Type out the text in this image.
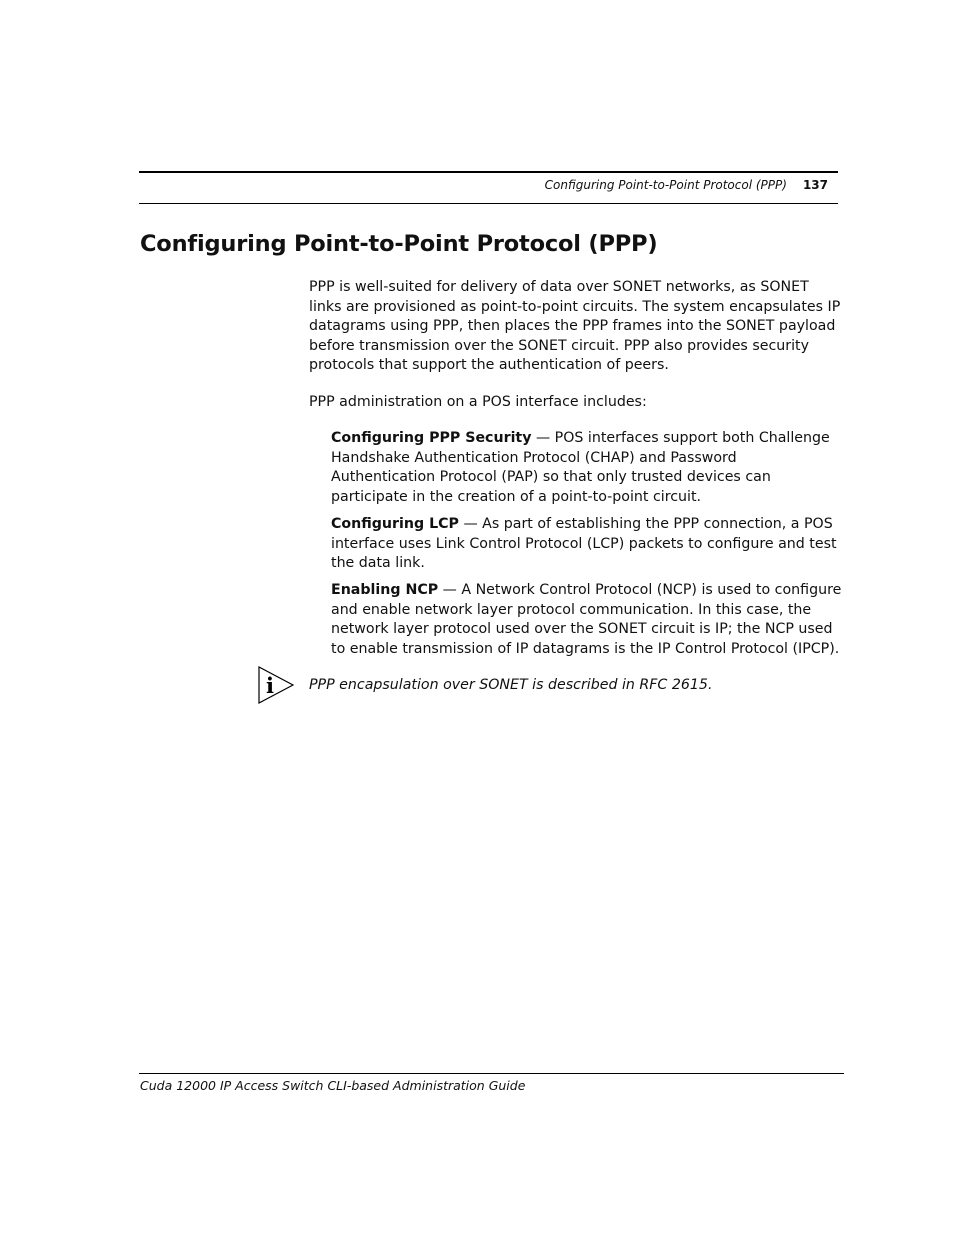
Configuring Point-to-Point Protocol (PPP) 137
Configuring Point-to-Point Protocol (PPP)

PPP is well-suited for delivery of data over SONET networks, as SONET links are provisioned as point-to-point circuits. The system encapsulates IP datagrams using PPP, then places the PPP frames into the SONET payload before transmission over the SONET circuit. PPP also provides security protocols that support the authentication of peers.

PPP administration on a POS interface includes:

Configuring PPP Security — POS interfaces support both Challenge Handshake Authentication Protocol (CHAP) and Password Authentication Protocol (PAP) so that only trusted devices can participate in the creation of a point-to-point circuit.

Configuring LCP — As part of establishing the PPP connection, a POS interface uses Link Control Protocol (LCP) packets to configure and test the data link.

Enabling NCP — A Network Control Protocol (NCP) is used to configure and enable network layer protocol communication. In this case, the network layer protocol used over the SONET circuit is IP; the NCP used to enable transmission of IP datagrams is the IP Control Protocol (IPCP).

i PPP encapsulation over SONET is described in RFC 2615.

Cuda 12000 IP Access Switch CLI-based Administration Guide
